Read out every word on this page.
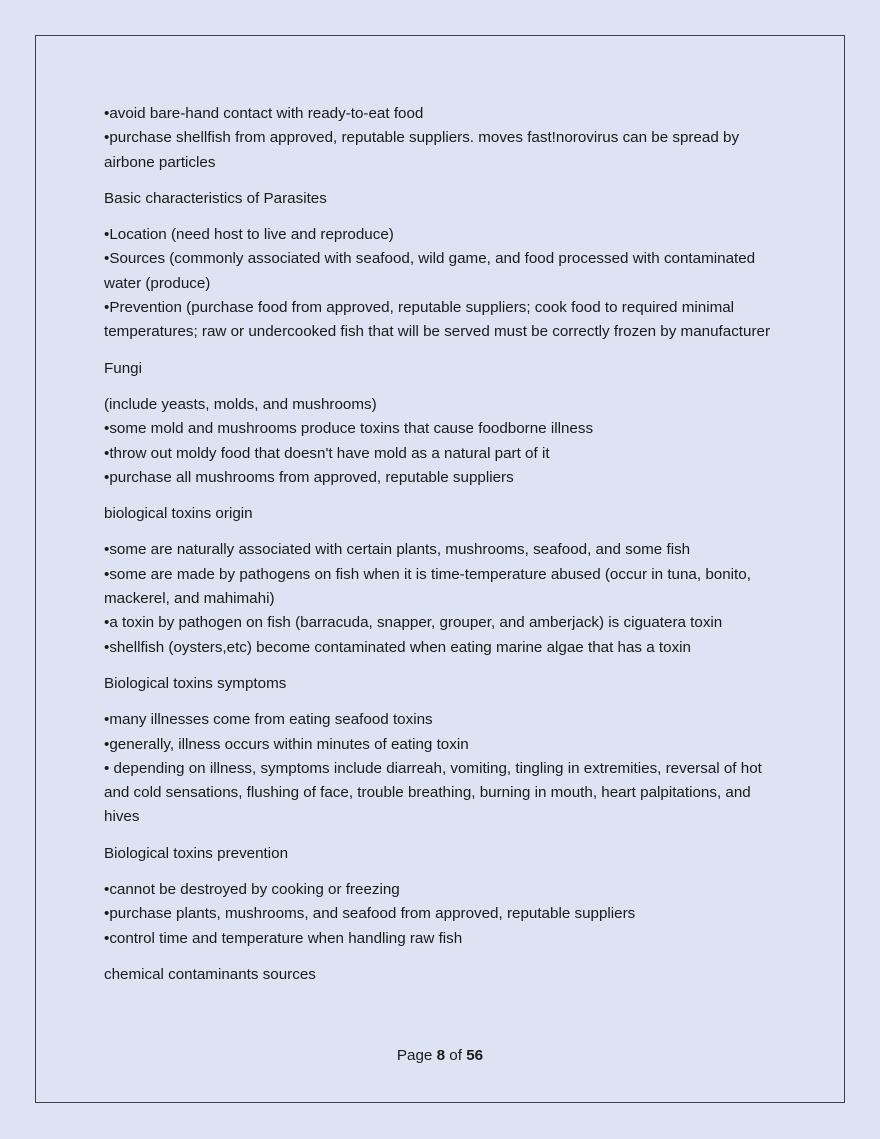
•avoid bare-hand contact with ready-to-eat food
•purchase shellfish from approved, reputable suppliers. moves fast!norovirus can be spread by airbone particles
Basic characteristics of Parasites
•Location (need host to live and reproduce)
•Sources (commonly associated with seafood, wild game, and food processed with contaminated water (produce)
•Prevention (purchase food from approved, reputable suppliers; cook food to required minimal temperatures; raw or undercooked fish that will be served must be correctly frozen by manufacturer
Fungi
(include yeasts, molds, and mushrooms)
•some mold and mushrooms produce toxins that cause foodborne illness
•throw out moldy food that doesn't have mold as a natural part of it
•purchase all mushrooms from approved, reputable suppliers
biological toxins origin
•some are naturally associated with certain plants, mushrooms, seafood, and some fish
•some are made by pathogens on fish when it is time-temperature abused (occur in tuna, bonito, mackerel, and mahimahi)
•a toxin by pathogen on fish (barracuda, snapper, grouper, and amberjack) is ciguatera toxin
•shellfish (oysters,etc) become contaminated when eating marine algae that has a toxin
Biological toxins symptoms
•many illnesses come from eating seafood toxins
•generally, illness occurs within minutes of eating toxin
• depending on illness, symptoms include diarreah, vomiting, tingling in extremities, reversal of hot and cold sensations, flushing of face, trouble breathing, burning in mouth, heart palpitations, and hives
Biological toxins prevention
•cannot be destroyed by cooking or freezing
•purchase plants, mushrooms, and seafood from approved, reputable suppliers
•control time and temperature when handling raw fish
chemical contaminants sources
Page 8 of 56
